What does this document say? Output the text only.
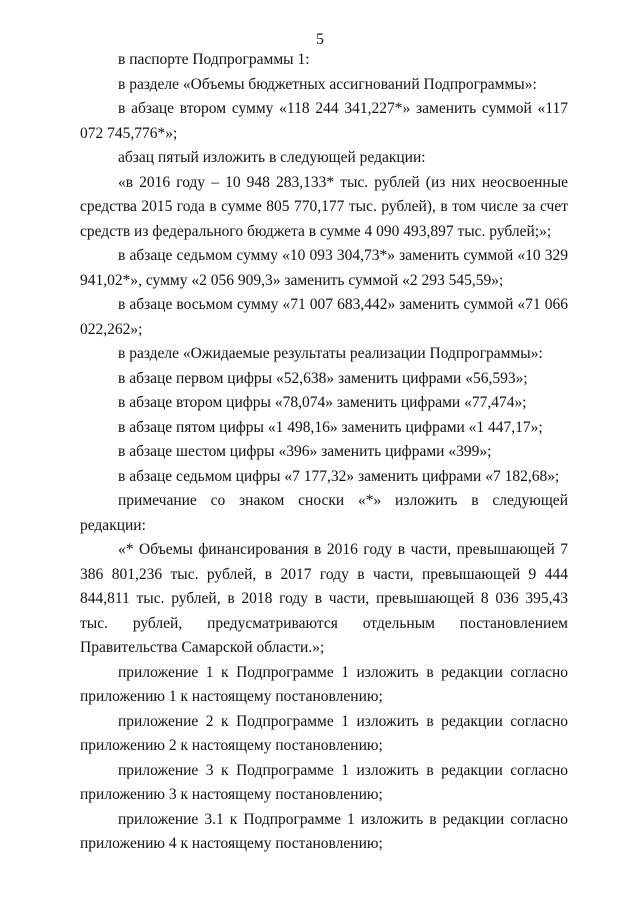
5

в паспорте Подпрограммы 1:

в разделе «Объемы бюджетных ассигнований Подпрограммы»:

в абзаце втором сумму «118 244 341,227*» заменить суммой «117 072 745,776*»;

абзац пятый изложить в следующей редакции:

«в 2016 году – 10 948 283,133* тыс. рублей (из них неосвоенные средства 2015 года в сумме 805 770,177 тыс. рублей), в том числе за счет средств из федерального бюджета в сумме 4 090 493,897 тыс. рублей;»;

в абзаце седьмом сумму «10 093 304,73*» заменить суммой «10 329 941,02*», сумму «2 056 909,3» заменить суммой «2 293 545,59»;

в абзаце восьмом сумму «71 007 683,442» заменить суммой «71 066 022,262»;

в разделе «Ожидаемые результаты реализации Подпрограммы»:

в абзаце первом цифры «52,638» заменить цифрами «56,593»;

в абзаце втором цифры «78,074» заменить цифрами «77,474»;

в абзаце пятом цифры «1 498,16» заменить цифрами «1 447,17»;

в абзаце шестом цифры «396» заменить цифрами «399»;

в абзаце седьмом цифры «7 177,32» заменить цифрами «7 182,68»;

примечание со знаком сноски «*» изложить в следующей редакции:

«* Объемы финансирования в 2016 году в части, превышающей 7 386 801,236 тыс. рублей, в 2017 году в части, превышающей 9 444 844,811 тыс. рублей, в 2018 году в части, превышающей 8 036 395,43 тыс. рублей, предусматриваются отдельным постановлением Правительства Самарской области.»;

приложение 1 к Подпрограмме 1 изложить в редакции согласно приложению 1 к настоящему постановлению;

приложение 2 к Подпрограмме 1 изложить в редакции согласно приложению 2 к настоящему постановлению;

приложение 3 к Подпрограмме 1 изложить в редакции согласно приложению 3 к настоящему постановлению;

приложение 3.1 к Подпрограмме 1 изложить в редакции согласно приложению 4 к настоящему постановлению;
